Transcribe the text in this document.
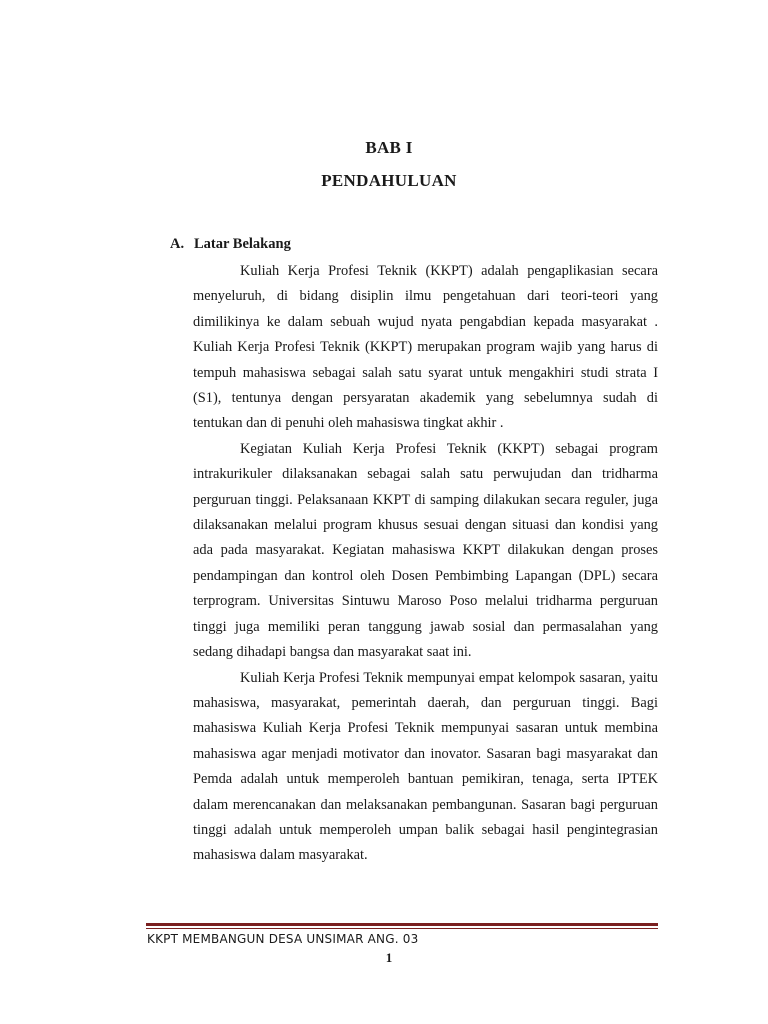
BAB I
PENDAHULUAN
A. Latar Belakang

Kuliah Kerja Profesi Teknik (KKPT) adalah pengaplikasian secara menyeluruh, di bidang disiplin ilmu pengetahuan dari teori-teori yang dimilikinya ke dalam sebuah wujud nyata pengabdian kepada masyarakat . Kuliah Kerja Profesi Teknik (KKPT) merupakan program wajib yang harus di tempuh mahasiswa sebagai salah satu syarat untuk mengakhiri studi strata I (S1), tentunya dengan persyaratan akademik yang sebelumnya sudah di tentukan dan di penuhi oleh mahasiswa tingkat akhir .

Kegiatan Kuliah Kerja Profesi Teknik (KKPT) sebagai program intrakurikuler dilaksanakan sebagai salah satu perwujudan dan tridharma perguruan tinggi. Pelaksanaan KKPT di samping dilakukan secara reguler, juga dilaksanakan melalui program khusus sesuai dengan situasi dan kondisi yang ada pada masyarakat. Kegiatan mahasiswa KKPT dilakukan dengan proses pendampingan dan kontrol oleh Dosen Pembimbing Lapangan (DPL) secara terprogram. Universitas Sintuwu Maroso Poso melalui tridharma perguruan tinggi juga memiliki peran tanggung jawab sosial dan permasalahan yang sedang dihadapi bangsa dan masyarakat saat ini.

Kuliah Kerja Profesi Teknik mempunyai empat kelompok sasaran, yaitu mahasiswa, masyarakat, pemerintah daerah, dan perguruan tinggi. Bagi mahasiswa Kuliah Kerja Profesi Teknik mempunyai sasaran untuk membina mahasiswa agar menjadi motivator dan inovator. Sasaran bagi masyarakat dan Pemda adalah untuk memperoleh bantuan pemikiran, tenaga, serta IPTEK dalam merencanakan dan melaksanakan pembangunan. Sasaran bagi perguruan tinggi adalah untuk memperoleh umpan balik sebagai hasil pengintegrasian mahasiswa dalam masyarakat.

KKPT MEMBANGUN DESA UNSIMAR ANG. 03
1
